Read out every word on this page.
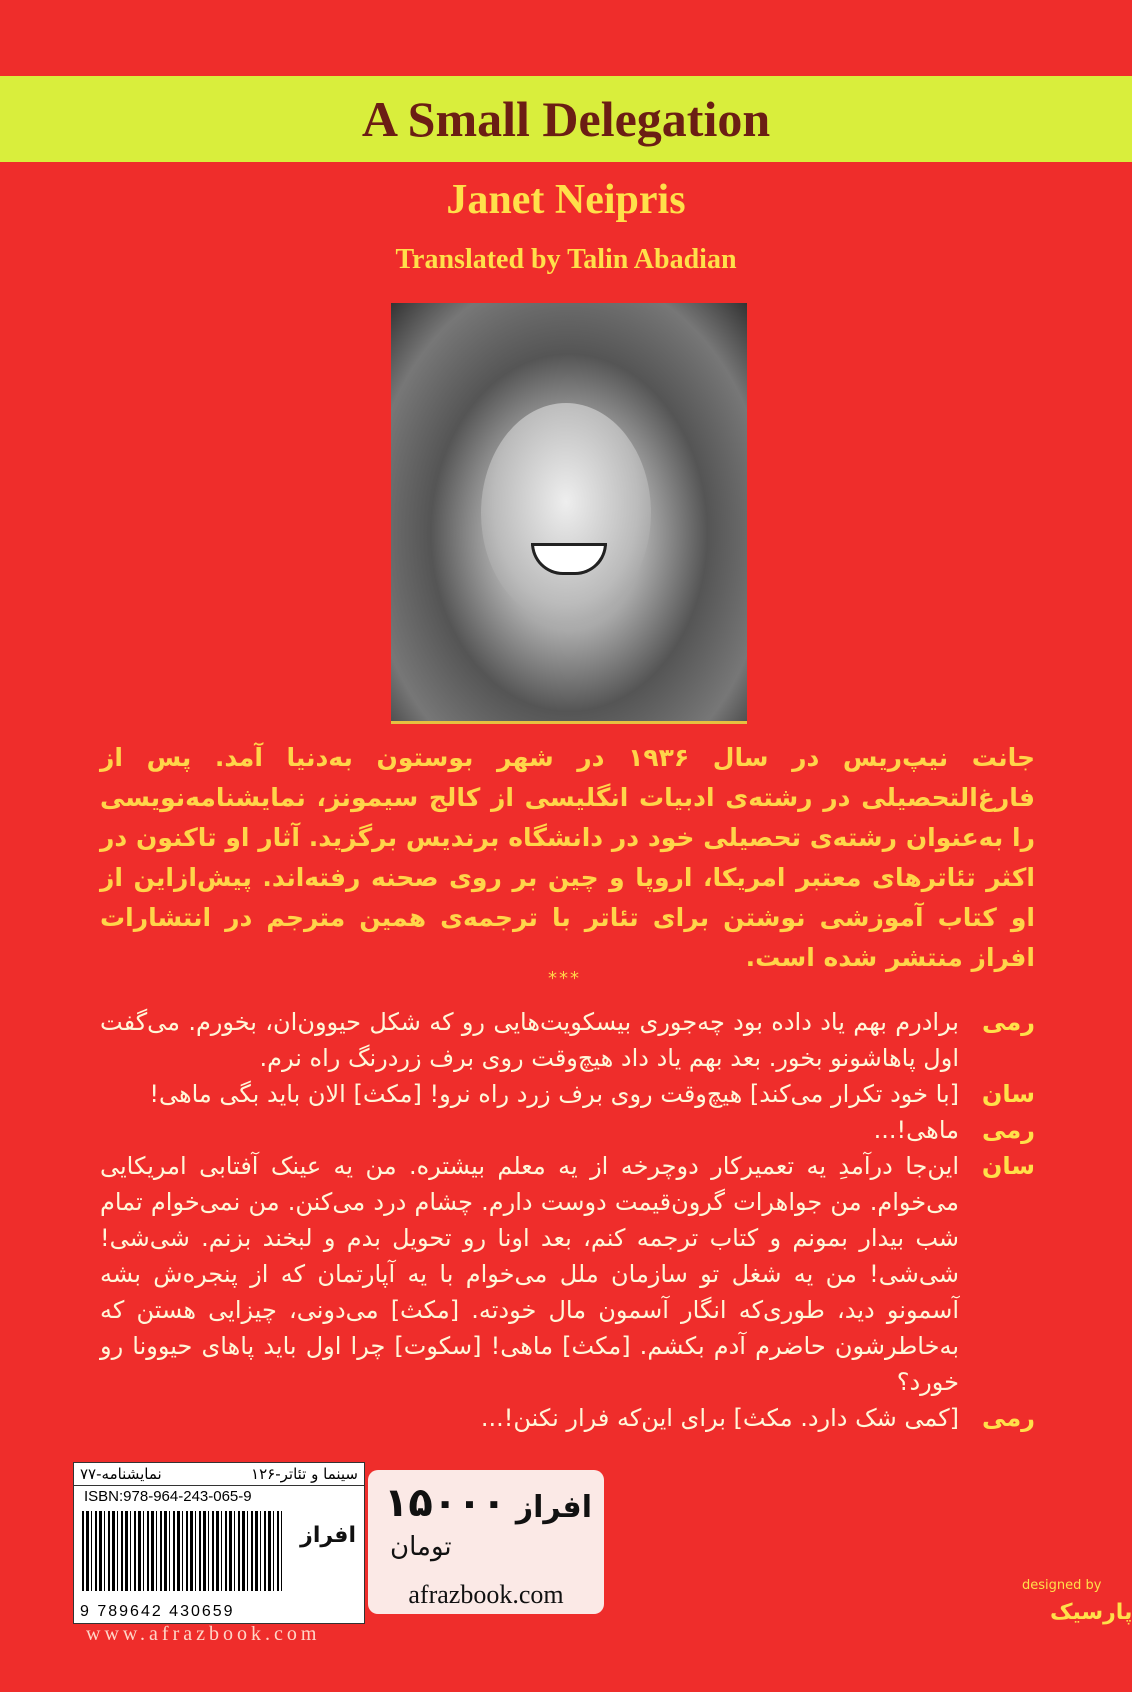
A Small Delegation
Janet Neipris
Translated by Talin Abadian
جانت نیپ‌ریس در سال ۱۹۳۶ در شهر بوستون به‌دنیا آمد. پس از فارغ‌التحصیلی در رشته‌ی ادبیات انگلیسی از کالج سیمونز، نمایشنامه‌نویسی را به‌عنوان رشته‌ی تحصیلی خود در دانشگاه برندیس برگزید. آثار او تاکنون در اکثر تئاترهای معتبر امریکا، اروپا و چین بر روی صحنه رفته‌اند. پیش‌ازاین از او کتاب آموزشی نوشتن برای تئاتر با ترجمه‌ی همین مترجم در انتشارات افراز منتشر شده است.
***
رمی
برادرم بهم یاد داده بود چه‌جوری بیسکویت‌هایی رو که شکل حیوون‌ان، بخورم. می‌گفت اول پاهاشونو بخور. بعد بهم یاد داد هیچ‌وقت روی برف زردرنگ راه نرم.
سان
[با خود تکرار می‌کند] هیچ‌وقت روی برف زرد راه نرو! [مکث] الان باید بگی ماهی!
رمی
ماهی!...
سان
این‌جا درآمدِ یه تعمیرکار دوچرخه از یه معلم بیشتره. من یه عینک آفتابی امریکایی می‌خوام. من جواهرات گرون‌قیمت دوست دارم. چشام درد می‌کنن. من نمی‌خوام تمام شب بیدار بمونم و کتاب ترجمه کنم، بعد اونا رو تحویل بدم و لبخند بزنم. شی‌شی! شی‌شی! من یه شغل تو سازمان ملل می‌خوام با یه آپارتمان که از پنجره‌ش بشه آسمونو دید، طوری‌که انگار آسمون مال خودته. [مکث] می‌دونی، چیزایی هستن که به‌خاطرشون حاضرم آدم بکشم. [مکث] ماهی! [سکوت] چرا اول باید پاهای حیوونا رو خورد؟
رمی
[کمی شک دارد. مکث] برای این‌که فرار نکنن!...
سینما و تئاتر-۱۲۶
نمایشنامه-۷۷
ISBN:978-964-243-065-9
افراز
9 789642 430659
۱۵۰۰۰
تومان
افراز
afrazbook.com
www.afrazbook.com
designed by
پارسیک
